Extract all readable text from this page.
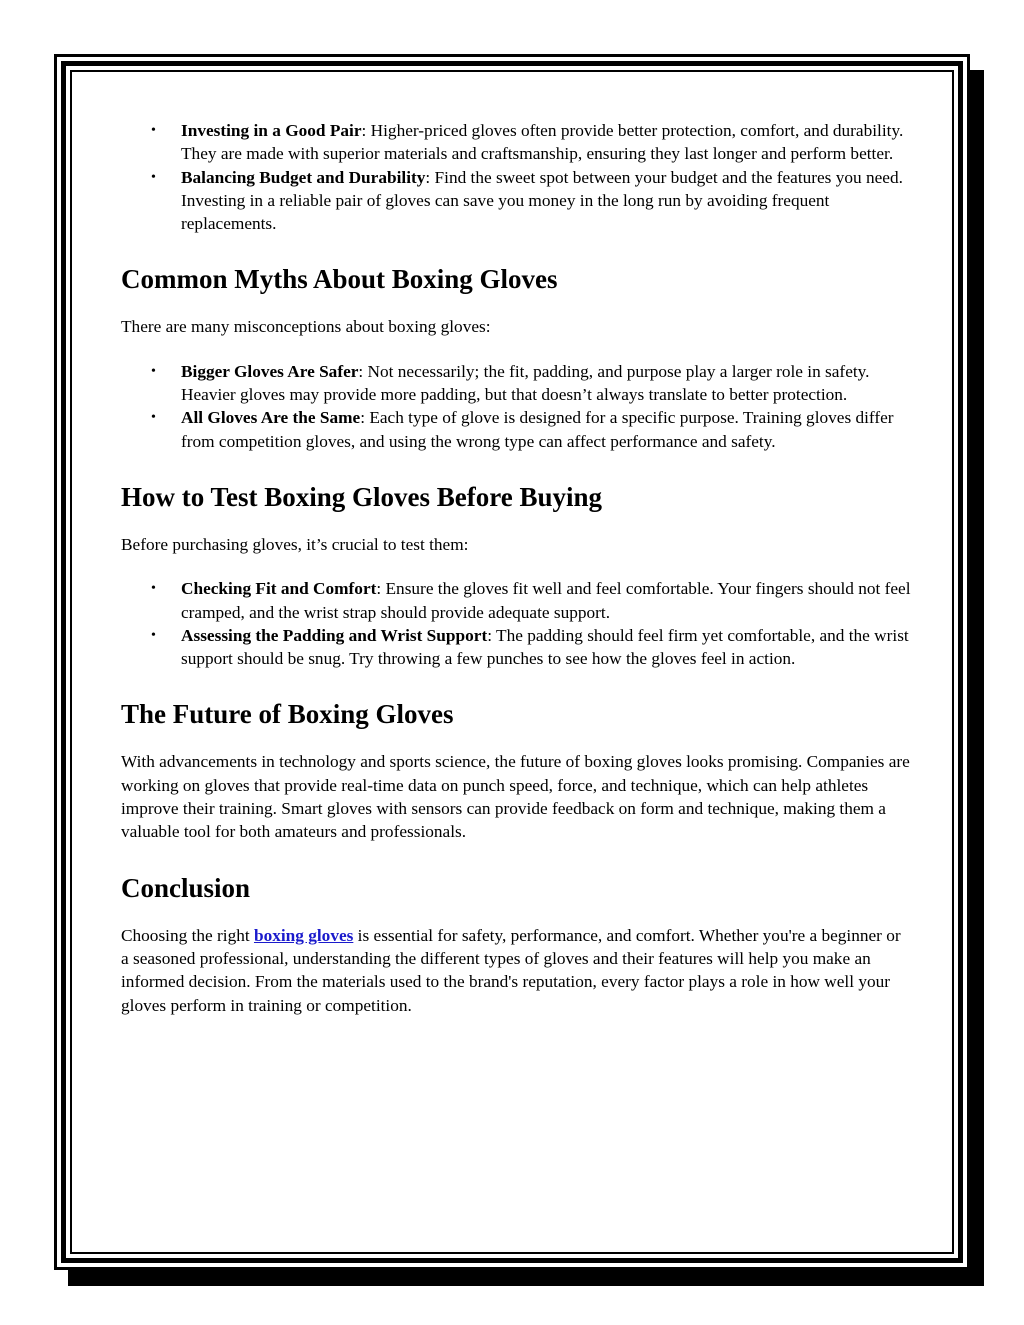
• Investing in a Good Pair: Higher-priced gloves often provide better protection, comfort, and durability. They are made with superior materials and craftsmanship, ensuring they last longer and perform better.
• Balancing Budget and Durability: Find the sweet spot between your budget and the features you need. Investing in a reliable pair of gloves can save you money in the long run by avoiding frequent replacements.
Common Myths About Boxing Gloves

There are many misconceptions about boxing gloves:

• Bigger Gloves Are Safer: Not necessarily; the fit, padding, and purpose play a larger role in safety. Heavier gloves may provide more padding, but that doesn’t always translate to better protection.
• All Gloves Are the Same: Each type of glove is designed for a specific purpose. Training gloves differ from competition gloves, and using the wrong type can affect performance and safety.
How to Test Boxing Gloves Before Buying

Before purchasing gloves, it’s crucial to test them:

• Checking Fit and Comfort: Ensure the gloves fit well and feel comfortable. Your fingers should not feel cramped, and the wrist strap should provide adequate support.
• Assessing the Padding and Wrist Support: The padding should feel firm yet comfortable, and the wrist support should be snug. Try throwing a few punches to see how the gloves feel in action.
The Future of Boxing Gloves

With advancements in technology and sports science, the future of boxing gloves looks promising. Companies are working on gloves that provide real-time data on punch speed, force, and technique, which can help athletes improve their training. Smart gloves with sensors can provide feedback on form and technique, making them a valuable tool for both amateurs and professionals.

Conclusion

Choosing the right boxing gloves is essential for safety, performance, and comfort. Whether you're a beginner or a seasoned professional, understanding the different types of gloves and their features will help you make an informed decision. From the materials used to the brand's reputation, every factor plays a role in how well your gloves perform in training or competition.
